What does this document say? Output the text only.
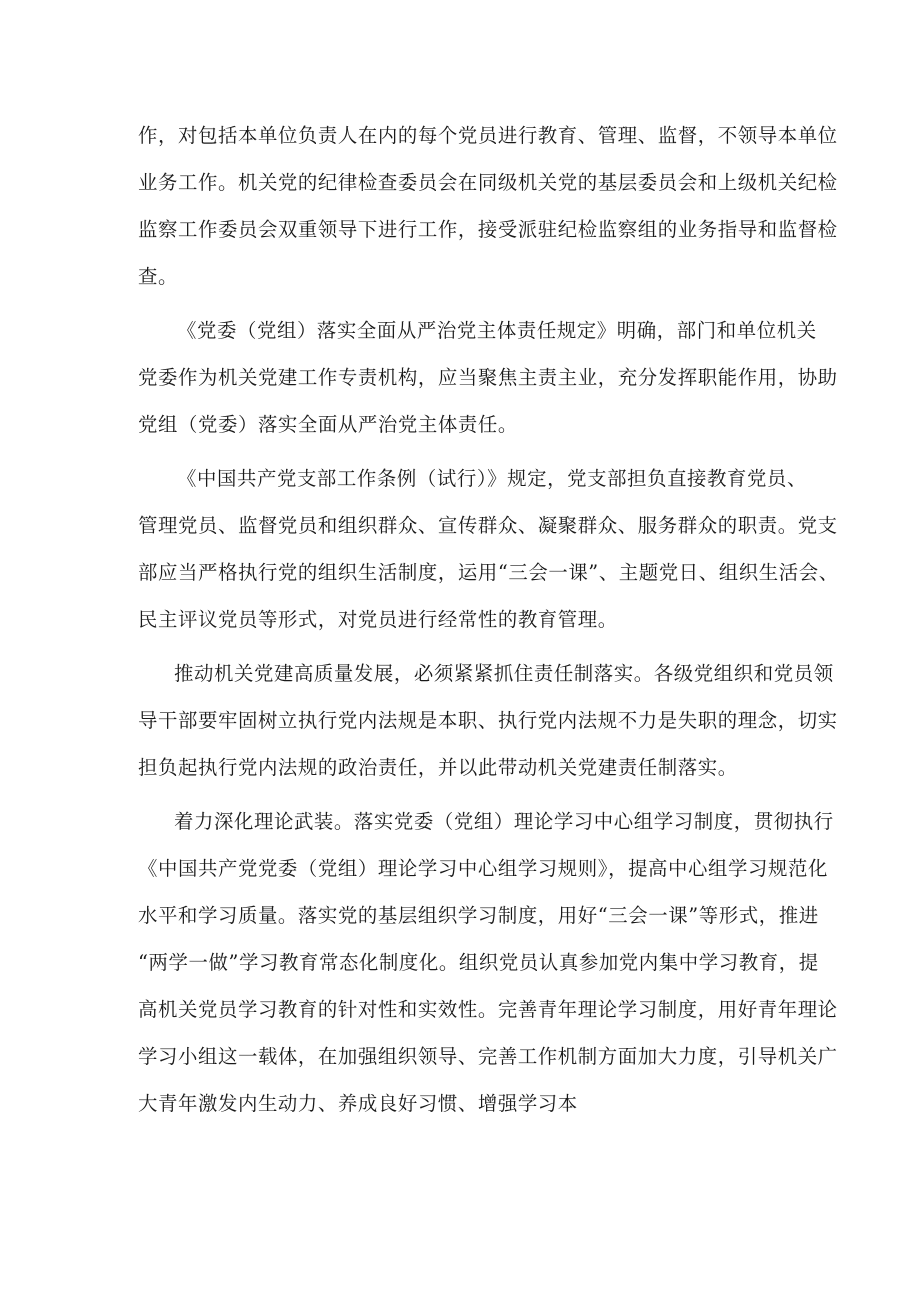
作，对包括本单位负责人在内的每个党员进行教育、管理、监督，不领导本单位
业务工作。机关党的纪律检查委员会在同级机关党的基层委员会和上级机关纪检
监察工作委员会双重领导下进行工作，接受派驻纪检监察组的业务指导和监督检
查。

《党委（党组）落实全面从严治党主体责任规定》明确，部门和单位机关
党委作为机关党建工作专责机构，应当聚焦主责主业，充分发挥职能作用，协助
党组（党委）落实全面从严治党主体责任。

《中国共产党支部工作条例（试行）》规定，党支部担负直接教育党员、
管理党员、监督党员和组织群众、宣传群众、凝聚群众、服务群众的职责。党支
部应当严格执行党的组织生活制度，运用“三会一课”、主题党日、组织生活会、
民主评议党员等形式，对党员进行经常性的教育管理。

推动机关党建高质量发展，必须紧紧抓住责任制落实。各级党组织和党员领
导干部要牢固树立执行党内法规是本职、执行党内法规不力是失职的理念，切实
担负起执行党内法规的政治责任，并以此带动机关党建责任制落实。

着力深化理论武装。落实党委（党组）理论学习中心组学习制度，贯彻执行
《中国共产党党委（党组）理论学习中心组学习规则》，提高中心组学习规范化
水平和学习质量。落实党的基层组织学习制度，用好“三会一课”等形式，推进
“两学一做”学习教育常态化制度化。组织党员认真参加党内集中学习教育，提
高机关党员学习教育的针对性和实效性。完善青年理论学习制度，用好青年理论
学习小组这一载体，在加强组织领导、完善工作机制方面加大力度，引导机关广
大青年激发内生动力、养成良好习惯、增强学习本
